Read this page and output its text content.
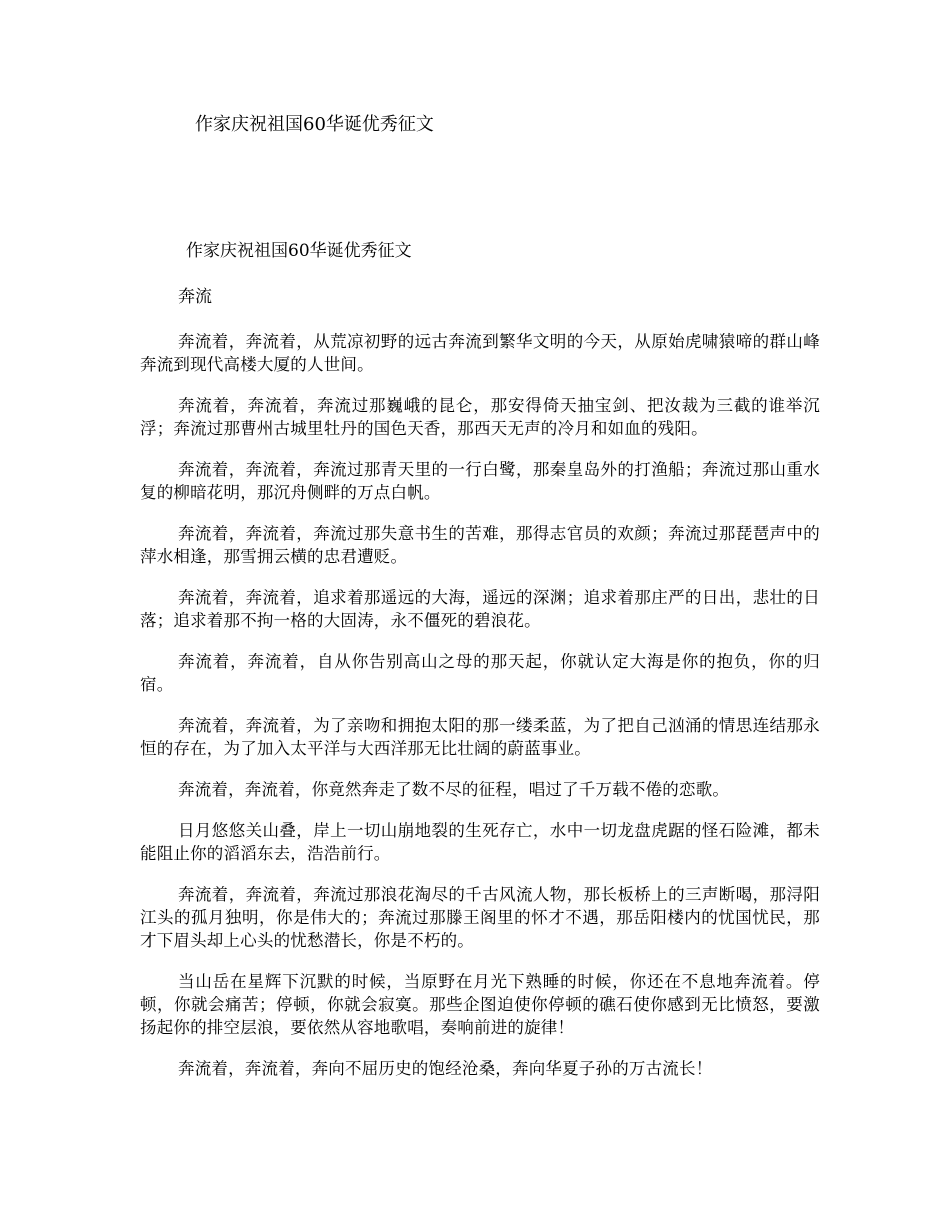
作家庆祝祖国60华诞优秀征文
作家庆祝祖国60华诞优秀征文

奔流

奔流着，奔流着，从荒凉初野的远古奔流到繁华文明的今天，从原始虎啸猿啼的群山峰奔流到现代高楼大厦的人世间。

奔流着，奔流着，奔流过那巍峨的昆仑，那安得倚天抽宝剑、把汝裁为三截的谁举沉浮；奔流过那曹州古城里牡丹的国色天香，那西天无声的冷月和如血的残阳。

奔流着，奔流着，奔流过那青天里的一行白鹭，那秦皇岛外的打渔船；奔流过那山重水复的柳暗花明，那沉舟侧畔的万点白帆。

奔流着，奔流着，奔流过那失意书生的苦难，那得志官员的欢颜；奔流过那琵琶声中的萍水相逢，那雪拥云横的忠君遭贬。

奔流着，奔流着，追求着那遥远的大海，遥远的深渊；追求着那庄严的日出，悲壮的日落；追求着那不拘一格的大固涛，永不僵死的碧浪花。

奔流着，奔流着，自从你告别高山之母的那天起，你就认定大海是你的抱负，你的归宿。

奔流着，奔流着，为了亲吻和拥抱太阳的那一缕柔蓝，为了把自己汹涌的情思连结那永恒的存在，为了加入太平洋与大西洋那无比壮阔的蔚蓝事业。

奔流着，奔流着，你竟然奔走了数不尽的征程，唱过了千万载不倦的恋歌。

日月悠悠关山叠，岸上一切山崩地裂的生死存亡，水中一切龙盘虎踞的怪石险滩，都未能阻止你的滔滔东去，浩浩前行。

奔流着，奔流着，奔流过那浪花淘尽的千古风流人物，那长板桥上的三声断喝，那浔阳江头的孤月独明，你是伟大的；奔流过那滕王阁里的怀才不遇，那岳阳楼内的忧国忧民，那才下眉头却上心头的忧愁潜长，你是不朽的。

当山岳在星辉下沉默的时候，当原野在月光下熟睡的时候，你还在不息地奔流着。停顿，你就会痛苦；停顿，你就会寂寞。那些企图迫使你停顿的礁石使你感到无比愤怒，要激扬起你的排空层浪，要依然从容地歌唱，奏响前进的旋律！

奔流着，奔流着，奔向不屈历史的饱经沧桑，奔向华夏子孙的万古流长！
